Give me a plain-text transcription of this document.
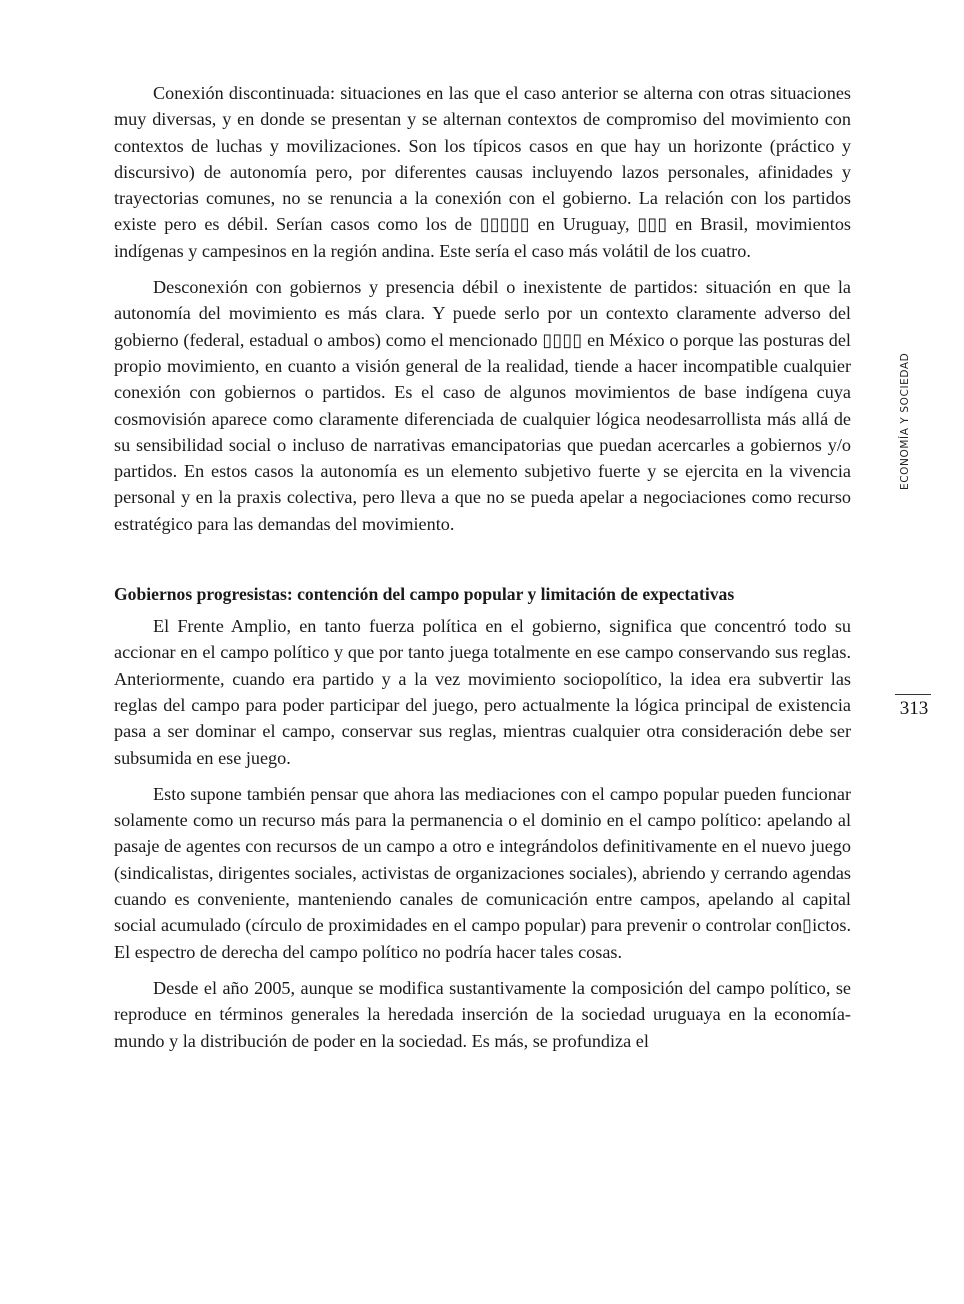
Conexión discontinuada: situaciones en las que el caso anterior se alterna con otras situaciones muy diversas, y en donde se presentan y se alternan contextos de compromiso del movimiento con contextos de luchas y movilizaciones. Son los típicos casos en que hay un horizonte (práctico y discursivo) de autonomía pero, por diferentes causas incluyendo lazos personales, afinidades y trayectorias comunes, no se renuncia a la conexión con el gobierno. La relación con los partidos existe pero es débil. Serían casos como los de ▯▯▯▯▯ en Uruguay, ▯▯▯ en Brasil, movimientos indígenas y campesinos en la región andina. Este sería el caso más volátil de los cuatro.

Desconexión con gobiernos y presencia débil o inexistente de partidos: situación en que la autonomía del movimiento es más clara. Y puede serlo por un contexto claramente adverso del gobierno (federal, estadual o ambos) como el mencionado ▯▯▯▯ en México o porque las posturas del propio movimiento, en cuanto a visión general de la realidad, tiende a hacer incompatible cualquier conexión con gobiernos o partidos. Es el caso de algunos movimientos de base indígena cuya cosmovisión aparece como claramente diferenciada de cualquier lógica neodesarrollista más allá de su sensibilidad social o incluso de narrativas emancipatorias que puedan acercarles a gobiernos y/o partidos. En estos casos la autonomía es un elemento subjetivo fuerte y se ejercita en la vivencia personal y en la praxis colectiva, pero lleva a que no se pueda apelar a negociaciones como recurso estratégico para las demandas del movimiento.

Gobiernos progresistas: contención del campo popular y limitación de expectativas

El Frente Amplio, en tanto fuerza política en el gobierno, significa que concentró todo su accionar en el campo político y que por tanto juega totalmente en ese campo conservando sus reglas. Anteriormente, cuando era partido y a la vez movimiento sociopolítico, la idea era subvertir las reglas del campo para poder participar del juego, pero actualmente la lógica principal de existencia pasa a ser dominar el campo, conservar sus reglas, mientras cualquier otra consideración debe ser subsumida en ese juego.

Esto supone también pensar que ahora las mediaciones con el campo popular pueden funcionar solamente como un recurso más para la permanencia o el dominio en el campo político: apelando al pasaje de agentes con recursos de un campo a otro e integrándolos definitivamente en el nuevo juego (sindicalistas, dirigentes sociales, activistas de organizaciones sociales), abriendo y cerrando agendas cuando es conveniente, manteniendo canales de comunicación entre campos, apelando al capital social acumulado (círculo de proximidades en el campo popular) para prevenir o controlar con▯ictos. El espectro de derecha del campo político no podría hacer tales cosas.

Desde el año 2005, aunque se modifica sustantivamente la composición del campo político, se reproduce en términos generales la heredada inserción de la sociedad uruguaya en la economía-mundo y la distribución de poder en la sociedad. Es más, se profundiza el

ECONOMÍA Y SOCIEDAD
313
